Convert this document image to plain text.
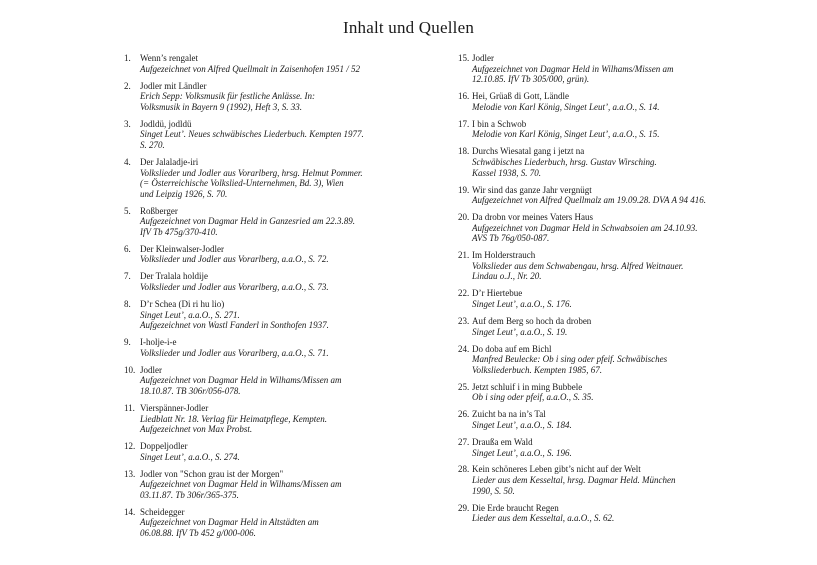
Inhalt und Quellen
1. Wenn’s rengalet
Aufgezeichnet von Alfred Quellmalt in Zaisenhofen 1951 / 52
2. Jodler mit Ländler
Erich Sepp: Volksmusik für festliche Anlässe. In:
Volksmusik in Bayern 9 (1992), Heft 3, S. 33.
3. Jodldü, jodldü
Singet Leut’. Neues schwäbisches Liederbuch. Kempten 1977.
S. 270.
4. Der Jalaladje-iri
Volkslieder und Jodler aus Vorarlberg, hrsg. Helmut Pommer.
(= Österreichische Volkslied-Unternehmen, Bd. 3), Wien
und Leipzig 1926, S. 70.
5. Roßberger
Aufgezeichnet von Dagmar Held in Ganzesried am 22.3.89.
IfV Tb 475g/370-410.
6. Der Kleinwalser-Jodler
Volkslieder und Jodler aus Vorarlberg, a.a.O., S. 72.
7. Der Tralala holdije
Volkslieder und Jodler aus Vorarlberg, a.a.O., S. 73.
8. D’r Schea (Di ri hu lio)
Singet Leut’, a.a.O., S. 271.
Aufgezeichnet von Wastl Fanderl in Sonthofen 1937.
9. I-holje-i-e
Volkslieder und Jodler aus Vorarlberg, a.a.O., S. 71.
10. Jodler
Aufgezeichnet von Dagmar Held in Wilhams/Missen am
18.10.87. TB 306r/056-078.
11. Vierspänner-Jodler
Liedblatt Nr. 18. Verlag für Heimatpflege, Kempten.
Aufgezeichnet von Max Probst.
12. Doppeljodler
Singet Leut’, a.a.O., S. 274.
13. Jodler von "Schon grau ist der Morgen"
Aufgezeichnet von Dagmar Held in Wilhams/Missen am
03.11.87. Tb 306r/365-375.
14. Scheidegger
Aufgezeichnet von Dagmar Held in Altstädten am
06.08.88. IfV Tb 452 g/000-006.
15. Jodler
Aufgezeichnet von Dagmar Held in Wilhams/Missen am
12.10.85. IfV Tb 305/000, grün).
16. Hei, Grüaß di Gott, Ländle
Melodie von Karl König, Singet Leut’, a.a.O., S. 14.
17. I bin a Schwob
Melodie von Karl König, Singet Leut’, a.a.O., S. 15.
18. Durchs Wiesatal gang i jetzt na
Schwäbisches Liederbuch, hrsg. Gustav Wirsching.
Kassel 1938, S. 70.
19. Wir sind das ganze Jahr vergnügt
Aufgezeichnet von Alfred Quellmalz am 19.09.28. DVA A 94 416.
20. Da drobn vor meines Vaters Haus
Aufgezeichnet von Dagmar Held in Schwabsoien am 24.10.93.
AVS Tb 76g/050-087.
21. Im Holderstrauch
Volkslieder aus dem Schwabengau, hrsg. Alfred Weitnauer.
Lindau o.J., Nr. 20.
22. D’r Hiertebue
Singet Leut’, a.a.O., S. 176.
23. Auf dem Berg so hoch da droben
Singet Leut’, a.a.O., S. 19.
24. Do doba auf em Bichl
Manfred Beulecke: Ob i sing oder pfeif. Schwäbisches
Volksliederbuch. Kempten 1985, 67.
25. Jetzt schluif i in ming Bubbele
Ob i sing oder pfeif, a.a.O., S. 35.
26. Zuicht ba na in’s Tal
Singet Leut’, a.a.O., S. 184.
27. Draußa em Wald
Singet Leut’, a.a.O., S. 196.
28. Kein schöneres Leben gibt’s nicht auf der Welt
Lieder aus dem Kesseltal, hrsg. Dagmar Held. München
1990, S. 50.
29. Die Erde braucht Regen
Lieder aus dem Kesseltal, a.a.O., S. 62.
